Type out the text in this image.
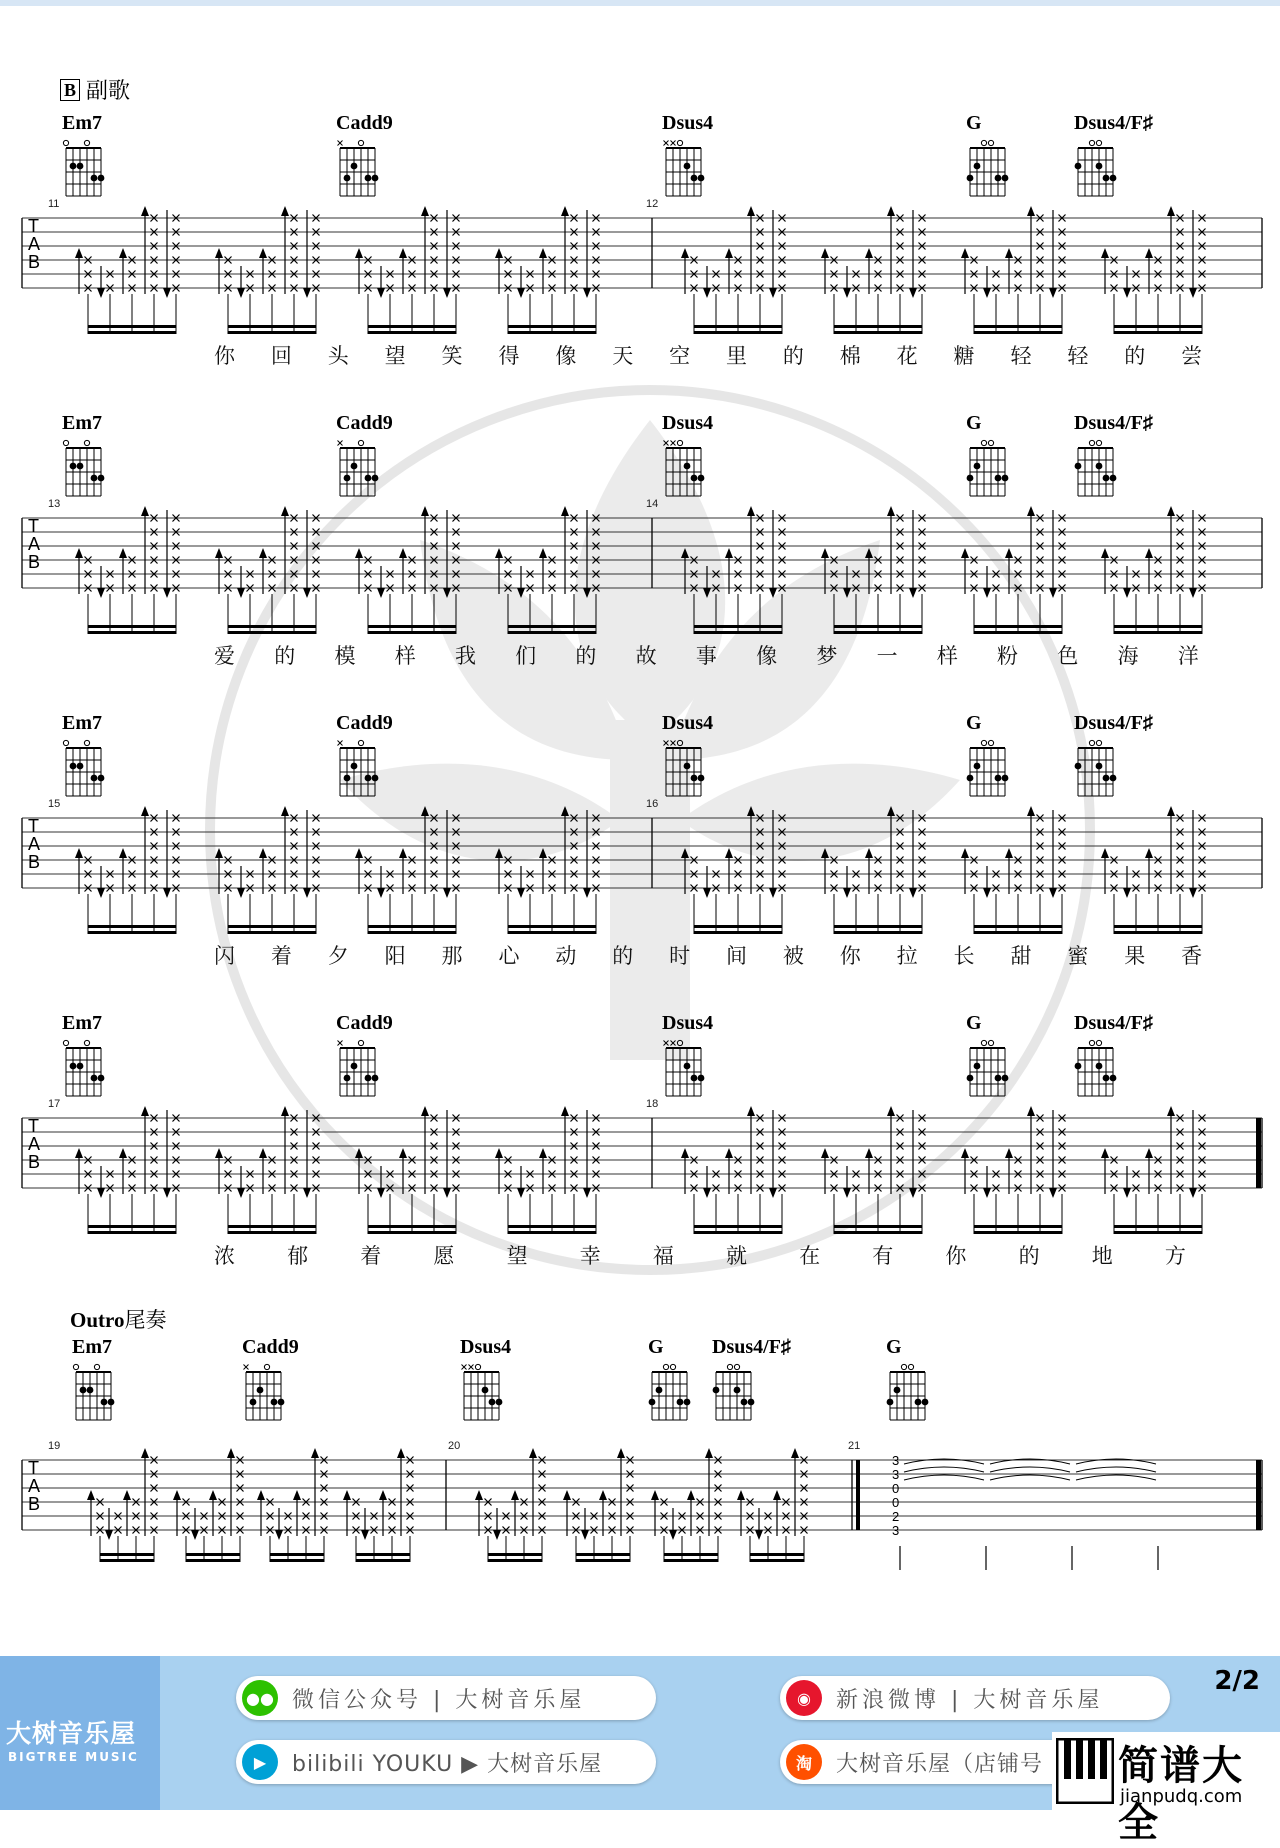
B 副歌
Em7	Cadd9	Dsus4	G	Dsus4/F♯
T
A
B
11	12
你 回 头 望 笑 得 像 天 空 里 的 棉 花 糖 轻 轻 的 尝
Em7	Cadd9	Dsus4	G	Dsus4/F♯
T
A
B
13	14
爱 的 模 样 我 们 的 故 事 像 梦 一 样 粉 色 海 洋
Em7	Cadd9	Dsus4	G	Dsus4/F♯
T
A
B
15	16
闪 着 夕 阳 那 心 动 的 时 间 被 你 拉 长 甜 蜜 果 香
Em7	Cadd9	Dsus4	G	Dsus4/F♯
T
A
B
17	18
浓 郁 着 愿 望 幸 福 就 在 有 你 的 地 方
Outro尾奏
Em7	Cadd9	Dsus4	G	Dsus4/F♯	G
T
A
B
3
3
0
0
2
3
19	20	21
大树音乐屋
BIGTREE MUSIC
●● 微信公众号 | 大树音乐屋	◉	新浪微博 | 大树音乐屋
▶	bilibili YOUKU ▶ 大树音乐屋	淘	大树音乐屋（店铺号
2/2
简谱大全
jianpudq.com
